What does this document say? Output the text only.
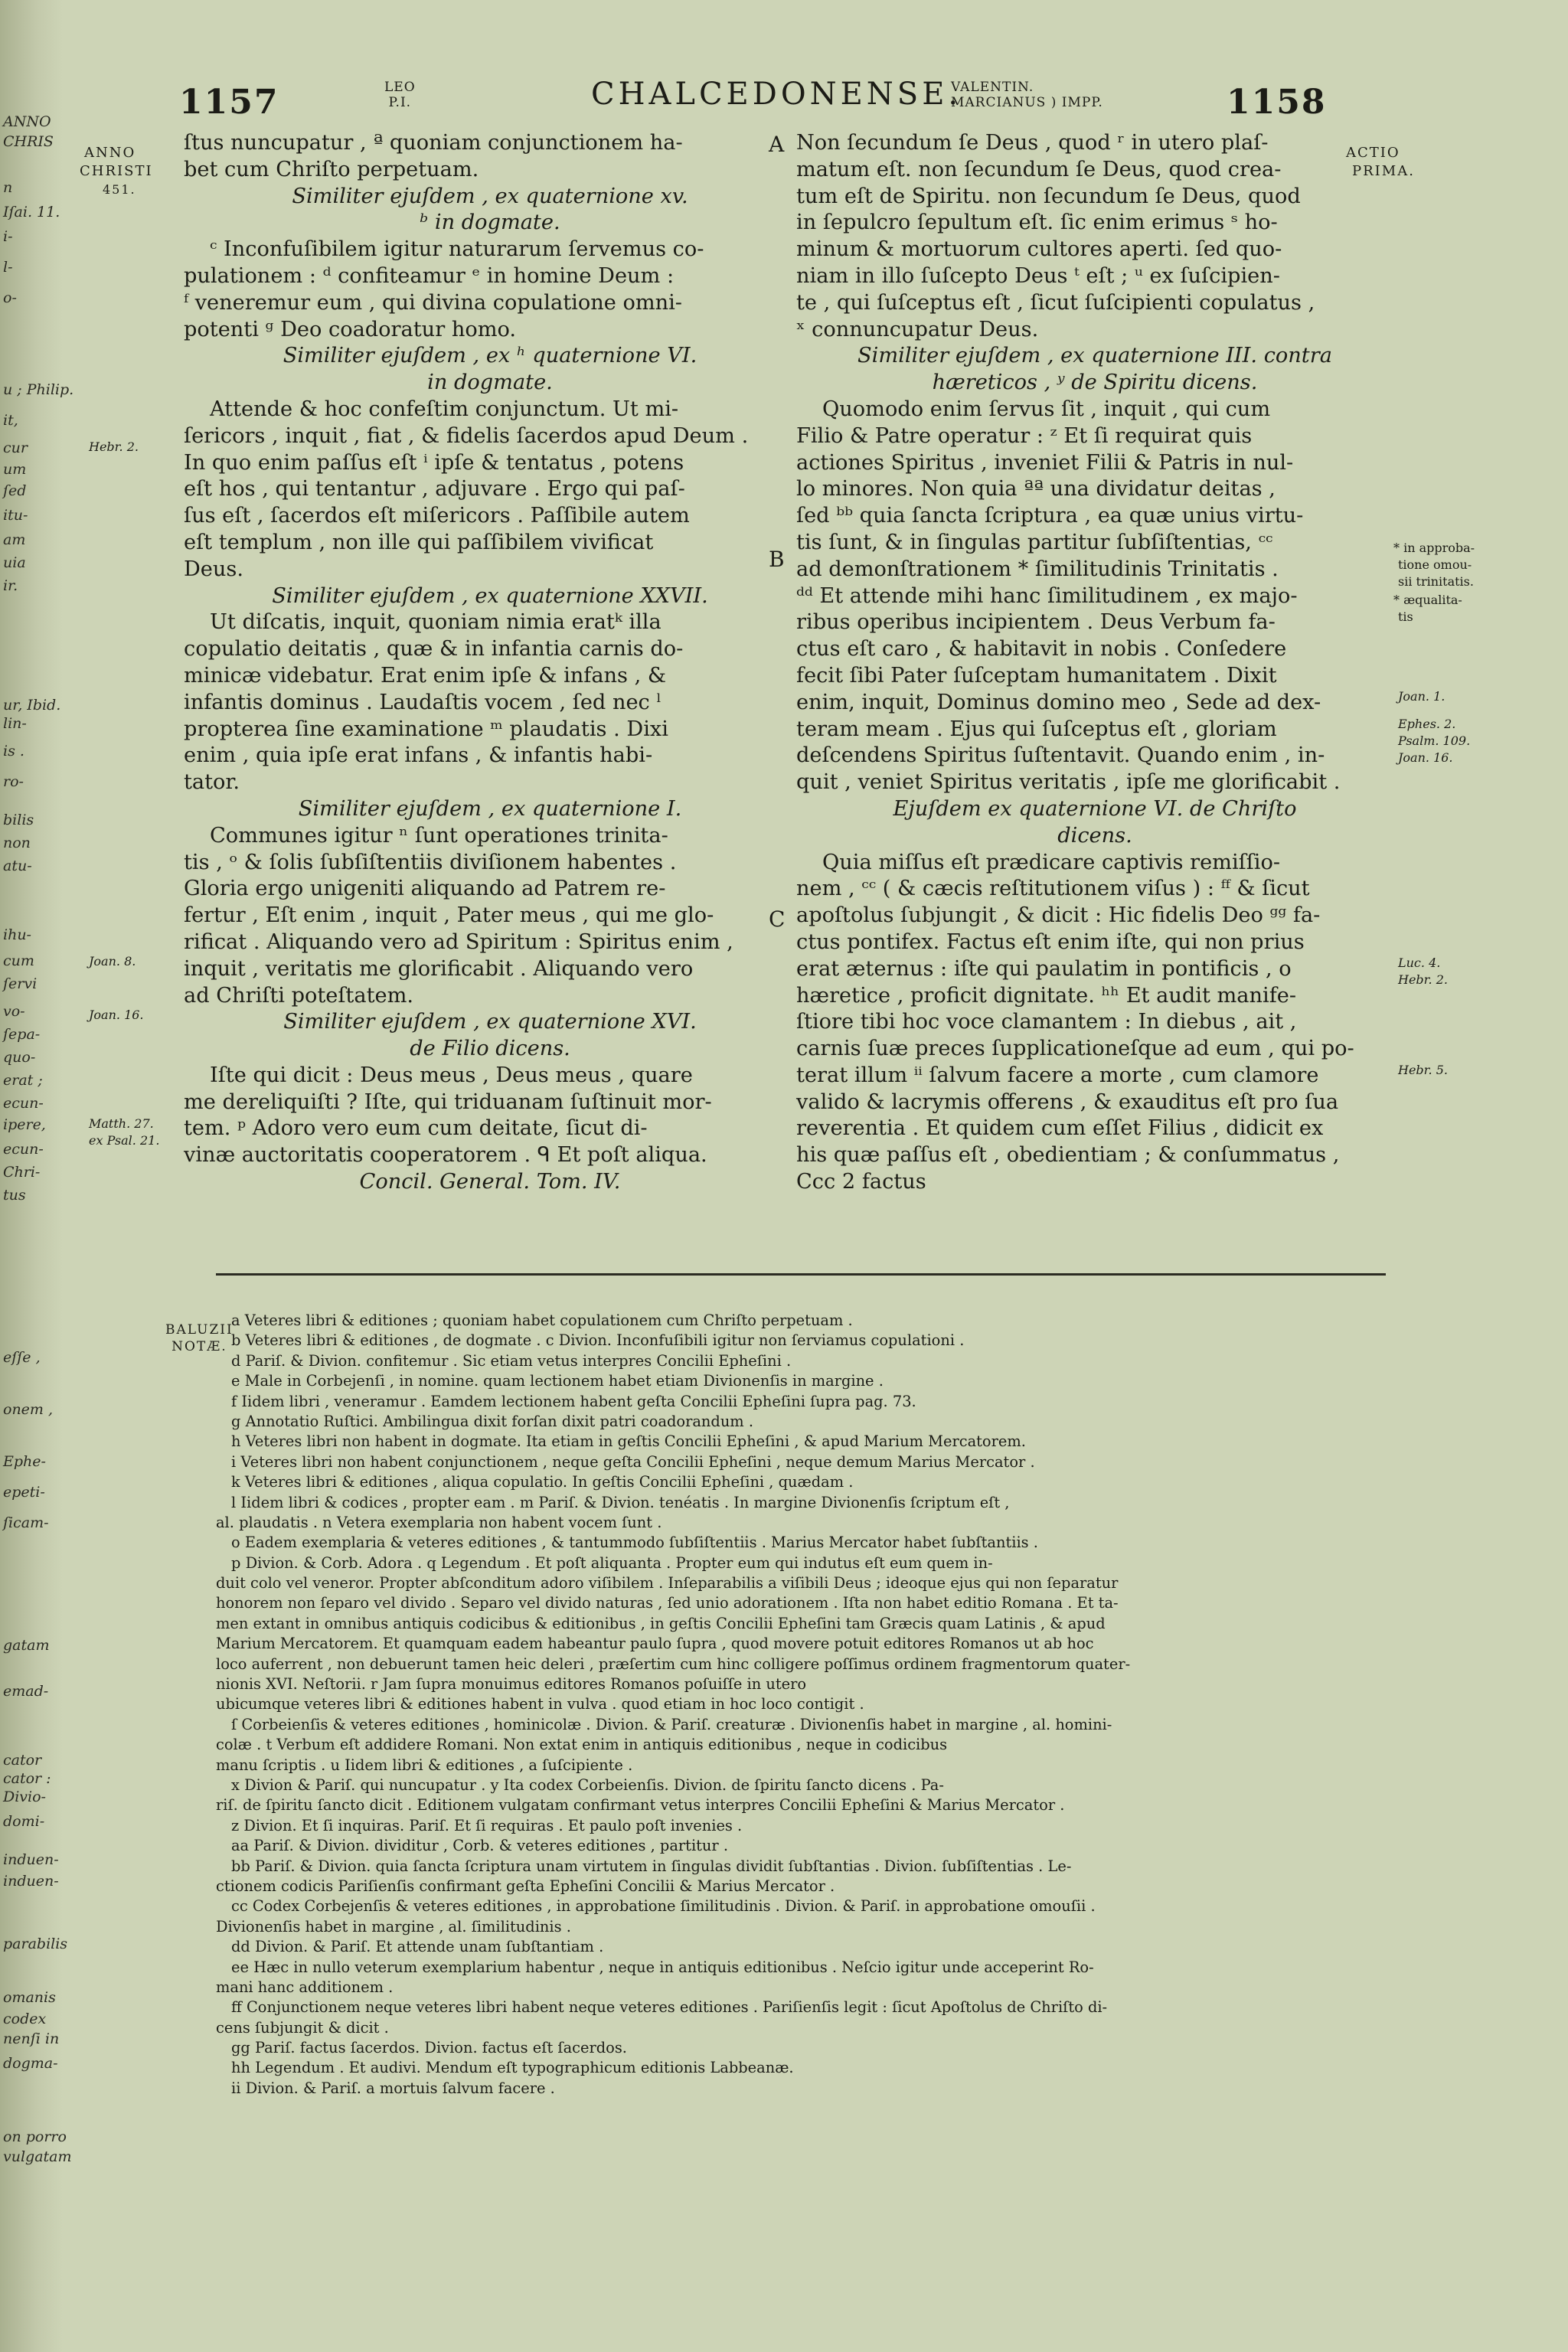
ANNO
CHRIS
n
Iſai. 11.
i-
l-
o-
u ; Philip.
it,
cur
um
ſed
itu-
am
uia
ir.
ur, Ibid.
lin-
is .
ro-
bilis
non
atu-
ihu-
cum
ſervi
vo-
ſepa-
quo-
erat ;
ecun-
ipere,
ecun-
Chri-
tus
eſſe ,
onem ,
Ephe-
epeti-
ſicam-
gatam
emad-
cator
cator :
Divio-
domi-
induen-
induen-
parabilis
omanis
codex
nenſi in
dogma-
on porro
vulgatam
1157	LEO
P.I.	CHALCEDONENSE.
VALENTIN.
MARCIANUS ) IMPP.	1158
ANNO
CHRISTI
451.
Hebr. 2.
Joan. 8.
Joan. 16.
Matth. 27.
ex Psal. 21.
ACTIO
PRIMA.
* in approba-
tione omou-
sii trinitatis.
* æqualita-
tis
Joan. 1.
Ephes. 2.
Psalm. 109.
Joan. 16.
Luc. 4.
Hebr. 2.
Hebr. 5.
A
B
C
ſtus nuncupatur , ª quoniam conjunctionem ha-
bet cum Chriſto perpetuam.
Similiter ejuſdem , ex quaternione xv.
ᵇ in dogmate.
ᶜ Inconfuſibilem igitur naturarum ſervemus co-
pulationem : ᵈ confiteamur ᵉ in homine Deum :
ᶠ veneremur eum , qui divina copulatione omni-
potenti ᵍ Deo coadoratur homo.
Similiter ejuſdem , ex ʰ quaternione VI.
in dogmate.
Attende & hoc confeſtim conjunctum. Ut mi-
ſericors , inquit , fiat , & fidelis ſacerdos apud Deum .
In quo enim paſſus eſt ⁱ ipſe & tentatus , potens
eſt hos , qui tentantur , adjuvare . Ergo qui paſ-
ſus eſt , ſacerdos eſt miſericors . Paſſibile autem
eſt templum , non ille qui paſſibilem vivificat
Deus.
Similiter ejuſdem , ex quaternione XXVII.
Ut diſcatis, inquit, quoniam nimia eratᵏ illa
copulatio deitatis , quæ & in infantia carnis do-
minicæ videbatur. Erat enim ipſe & infans , &
infantis dominus . Laudaſtis vocem , ſed nec ˡ
propterea ſine examinatione ᵐ plaudatis . Dixi
enim , quia ipſe erat infans , & infantis habi-
tator.
Similiter ejuſdem , ex quaternione I.
Communes igitur ⁿ ſunt operationes trinita-
tis , ᵒ & ſolis ſubſiſtentiis diviſionem habentes .
Gloria ergo unigeniti aliquando ad Patrem re-
fertur , Eſt enim , inquit , Pater meus , qui me glo-
rificat . Aliquando vero ad Spiritum : Spiritus enim ,
inquit , veritatis me glorificabit . Aliquando vero
ad Chriſti poteſtatem.
Similiter ejuſdem , ex quaternione XVI.
de Filio dicens.
Iſte qui dicit : Deus meus , Deus meus , quare
me dereliquiſti ? Iſte, qui triduanam ſuſtinuit mor-
tem. ᵖ Adoro vero eum cum deitate, ſicut di-
vinæ auctoritatis cooperatorem . ᑫ Et poſt aliqua.
Concil. General. Tom. IV.
Non ſecundum ſe Deus , quod ʳ in utero plaſ-
matum eſt. non ſecundum ſe Deus, quod crea-
tum eſt de Spiritu. non ſecundum ſe Deus, quod
in ſepulcro ſepultum eſt. ſic enim erimus ˢ ho-
minum & mortuorum cultores aperti. ſed quo-
niam in illo ſuſcepto Deus ᵗ eſt ; ᵘ ex ſuſcipien-
te , qui ſuſceptus eſt , ſicut ſuſcipienti copulatus ,
ˣ connuncupatur Deus.
Similiter ejuſdem , ex quaternione III. contra
hæreticos , ʸ de Spiritu dicens.
Quomodo enim ſervus ſit , inquit , qui cum
Filio & Patre operatur : ᶻ Et ſi requirat quis
actiones Spiritus , inveniet Filii & Patris in nul-
lo minores. Non quia ªª una dividatur deitas ,
ſed ᵇᵇ quia ſancta ſcriptura , ea quæ unius virtu-
tis ſunt, & in ſingulas partitur ſubſiſtentias, ᶜᶜ
ad demonſtrationem * ſimilitudinis Trinitatis .
ᵈᵈ Et attende mihi hanc ſimilitudinem , ex majo-
ribus operibus incipientem . Deus Verbum fa-
ctus eſt caro , & habitavit in nobis . Conſedere
fecit ſibi Pater ſuſceptam humanitatem . Dixit
enim, inquit, Dominus domino meo , Sede ad dex-
teram meam . Ejus qui ſuſceptus eſt , gloriam
deſcendens Spiritus ſuſtentavit. Quando enim , in-
quit , veniet Spiritus veritatis , ipſe me glorificabit .
Ejuſdem ex quaternione VI. de Chriſto
dicens.
Quia miſſus eſt prædicare captivis remiſſio-
nem , ᶜᶜ ( & cæcis reſtitutionem viſus ) : ᶠᶠ & ſicut
apoſtolus ſubjungit , & dicit : Hic fidelis Deo ᵍᵍ fa-
ctus pontifex. Factus eſt enim iſte, qui non prius
erat æternus : iſte qui paulatim in pontificis , o
hæretice , proficit dignitate. ʰʰ Et audit manife-
ſtiore tibi hoc voce clamantem : In diebus , ait ,
carnis ſuæ preces ſupplicationeſque ad eum , qui po-
terat illum ⁱⁱ ſalvum facere a morte , cum clamore
valido & lacrymis offerens , & exauditus eſt pro ſua
reverentia . Et quidem cum eſſet Filius , didicit ex
his quæ paſſus eſt , obedientiam ; & conſummatus ,
Ccc 2 factus
BALUZII
NOTÆ.
a Veteres libri & editiones ; quoniam habet copulationem cum Chriſto perpetuam .
b Veteres libri & editiones , de dogmate . c Divion. Inconfuſibili igitur non ſerviamus copulationi .
d Pariſ. & Divion. confitemur . Sic etiam vetus interpres Concilii Epheſini .
e Male in Corbejenſi , in nomine. quam lectionem habet etiam Divionenſis in margine .
f Iidem libri , veneramur . Eamdem lectionem habent geſta Concilii Epheſini ſupra pag. 73.
g Annotatio Ruſtici. Ambilingua dixit forſan dixit patri coadorandum .
h Veteres libri non habent in dogmate. Ita etiam in geſtis Concilii Epheſini , & apud Marium Mercatorem.
i Veteres libri non habent conjunctionem , neque geſta Concilii Epheſini , neque demum Marius Mercator .
k Veteres libri & editiones , aliqua copulatio. In geſtis Concilii Epheſini , quædam .
l Iidem libri & codices , propter eam . m Pariſ. & Divion. tenéatis . In margine Divionenſis ſcriptum eſt ,
al. plaudatis . n Vetera exemplaria non habent vocem ſunt .
o Eadem exemplaria & veteres editiones , & tantummodo ſubſiſtentiis . Marius Mercator habet ſubſtantiis .
p Divion. & Corb. Adora . q Legendum . Et poſt aliquanta . Propter eum qui indutus eſt eum quem in-
duit colo vel veneror. Propter abſconditum adoro viſibilem . Inſeparabilis a viſibili Deus ; ideoque ejus qui non ſeparatur
honorem non ſeparo vel divido . Separo vel divido naturas , ſed unio adorationem . Iſta non habet editio Romana . Et ta-
men extant in omnibus antiquis codicibus & editionibus , in geſtis Concilii Epheſini tam Græcis quam Latinis , & apud
Marium Mercatorem. Et quamquam eadem habeantur paulo ſupra , quod movere potuit editores Romanos ut ab hoc
loco auferrent , non debuerunt tamen heic deleri , præſertim cum hinc colligere poſſimus ordinem fragmentorum quater-
nionis XVI. Neſtorii. r Jam ſupra monuimus editores Romanos poſuiſſe in utero
ubicumque veteres libri & editiones habent in vulva . quod etiam in hoc loco contigit .
ſ Corbeienſis & veteres editiones , hominicolæ . Divion. & Pariſ. creaturæ . Divionenſis habet in margine , al. homini-
colæ . t Verbum eſt addidere Romani. Non extat enim in antiquis editionibus , neque in codicibus
manu ſcriptis . u Iidem libri & editiones , a ſuſcipiente .
x Divion & Pariſ. qui nuncupatur . y Ita codex Corbeienſis. Divion. de ſpiritu ſancto dicens . Pa-
riſ. de ſpiritu ſancto dicit . Editionem vulgatam confirmant vetus interpres Concilii Epheſini & Marius Mercator .
z Divion. Et ſi inquiras. Pariſ. Et ſi requiras . Et paulo poſt invenies .
aa Pariſ. & Divion. dividitur , Corb. & veteres editiones , partitur .
bb Pariſ. & Divion. quia ſancta ſcriptura unam virtutem in ſingulas dividit ſubſtantias . Divion. ſubſiſtentias . Le-
ctionem codicis Pariſienſis confirmant geſta Epheſini Concilii & Marius Mercator .
cc Codex Corbejenſis & veteres editiones , in approbatione ſimilitudinis . Divion. & Pariſ. in approbatione omouſii .
Divionenſis habet in margine , al. ſimilitudinis .
dd Divion. & Pariſ. Et attende unam ſubſtantiam .
ee Hæc in nullo veterum exemplarium habentur , neque in antiquis editionibus . Neſcio igitur unde acceperint Ro-
mani hanc additionem .
ff Conjunctionem neque veteres libri habent neque veteres editiones . Pariſienſis legit : ſicut Apoſtolus de Chriſto di-
cens ſubjungit & dicit .
gg Pariſ. factus ſacerdos. Divion. factus eſt ſacerdos.
hh Legendum . Et audivi. Mendum eſt typographicum editionis Labbeanæ.
ii Divion. & Pariſ. a mortuis ſalvum facere .
